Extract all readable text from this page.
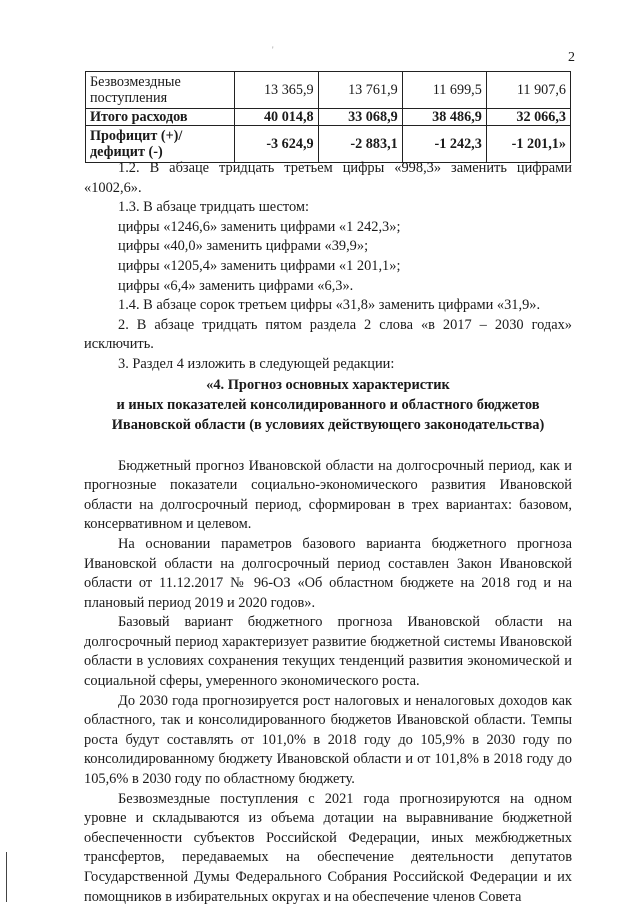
2
'
Безвозмездные поступления	13 365,9	13 761,9	11 699,5	11 907,6
Итого расходов	40 014,8	33 068,9	38 486,9	32 066,3
Профицит (+)/ дефицит (-)	-3 624,9	-2 883,1	-1 242,3	-1 201,1»

1.2. В абзаце тридцать третьем цифры «998,3» заменить цифрами «1002,6».

1.3. В абзаце тридцать шестом:

цифры «1246,6» заменить цифрами «1 242,3»;

цифры «40,0» заменить цифрами «39,9»;

цифры «1205,4» заменить цифрами «1 201,1»;

цифры «6,4» заменить цифрами «6,3».

1.4. В абзаце сорок третьем цифры «31,8» заменить цифрами «31,9».

2. В абзаце тридцать пятом раздела 2 слова «в 2017 – 2030 годах» исключить.

3. Раздел 4 изложить в следующей редакции:

«4. Прогноз основных характеристик

и иных показателей консолидированного и областного бюджетов

Ивановской области (в условиях действующего законодательства)

Бюджетный прогноз Ивановской области на долгосрочный период, как и прогнозные показатели социально-экономического развития Ивановской области на долгосрочный период, сформирован в трех вариантах: базовом, консервативном и целевом.

На основании параметров базового варианта бюджетного прогноза Ивановской области на долгосрочный период составлен Закон Ивановской области от 11.12.2017 № 96-ОЗ «Об областном бюджете на 2018 год и на плановый период 2019 и 2020 годов».

Базовый вариант бюджетного прогноза Ивановской области на долгосрочный период характеризует развитие бюджетной системы Ивановской области в условиях сохранения текущих тенденций развития экономической и социальной сферы, умеренного экономического роста.

До 2030 года прогнозируется рост налоговых и неналоговых доходов как областного, так и консолидированного бюджетов Ивановской области. Темпы роста будут составлять от 101,0% в 2018 году до 105,9% в 2030 году по консолидированному бюджету Ивановской области и от 101,8% в 2018 году до 105,6% в 2030 году по областному бюджету.

Безвозмездные поступления с 2021 года прогнозируются на одном уровне и складываются из объема дотации на выравнивание бюджетной обеспеченности субъектов Российской Федерации, иных межбюджетных трансфертов, передаваемых на обеспечение деятельности депутатов Государственной Думы Федерального Собрания Российской Федерации и их помощников в избирательных округах и на обеспечение членов Совета
